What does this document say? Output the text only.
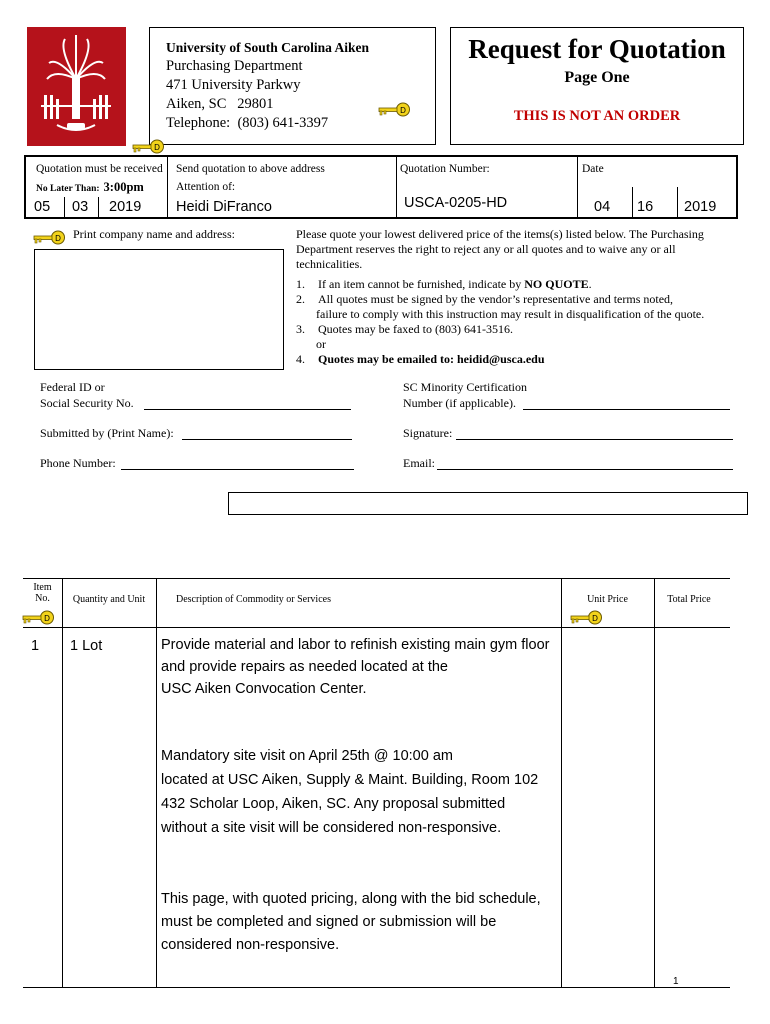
University of South Carolina Aiken
Purchasing Department
471 University Parkwy
Aiken, SC   29801
Telephone:  (803) 641-3397
Request for Quotation
Page One
THIS IS NOT AN ORDER
D
D
D
D	D
Quotation must be received
No Later Than: 3:00pm
05 03 2019
Send quotation to above address
Attention of:
Heidi DiFranco
Quotation Number:
USCA-0205-HD
Date
04 16 2019
Print company name and address:	Please quote your lowest delivered price of the items(s) listed below. The Purchasing
Department reserves the right to reject any or all quotes and to waive any or all
technicalities.
1. If an item cannot be furnished, indicate by NO QUOTE.
2. All quotes must be signed by the vendor’s representative and terms noted,
failure to comply with this instruction may result in disqualification of the quote.
3. Quotes may be faxed to (803) 641-3516.
or
4. Quotes may be emailed to: heidid@usca.edu
Federal ID or
Social Security No.
SC Minority Certification
Number (if applicable).
Submitted by (Print Name):	Signature:
Phone Number:	Email:
Item
No.	Quantity and Unit	Description of Commodity or Services	Unit Price	Total Price
1 1 Lot	Provide material and labor to refinish existing main gym floor
and provide repairs as needed located at the
USC Aiken Convocation Center.
Mandatory site visit on April 25th @ 10:00 am
located at USC Aiken, Supply & Maint. Building, Room 102
432 Scholar Loop, Aiken, SC. Any proposal submitted
without a site visit will be considered non-responsive.
This page, with quoted pricing, along with the bid schedule,
must be completed and signed or submission will be
considered non-responsive.
1
